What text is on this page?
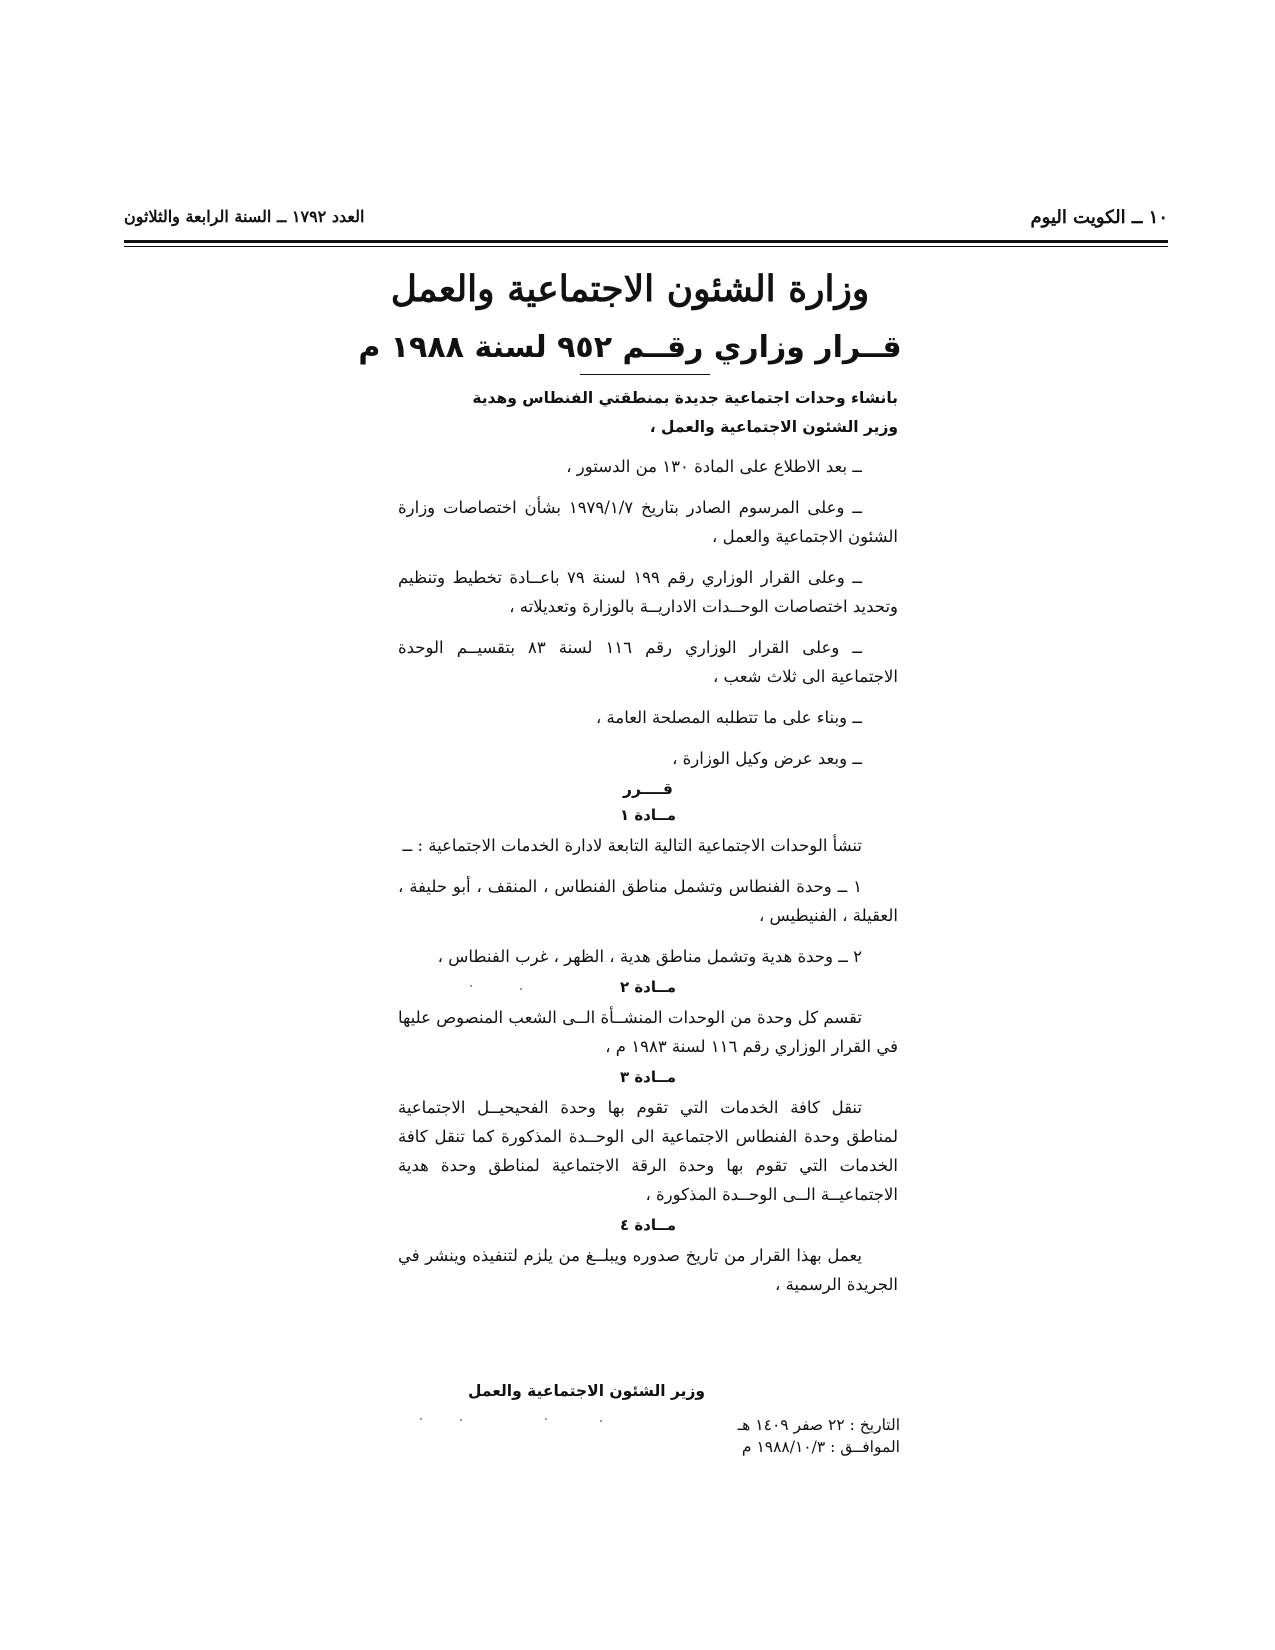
١٠ ــ الكويت اليوم
العدد ١٧٩٢ ــ السنة الرابعة والثلاثون
وزارة الشئون الاجتماعية والعمل
قــرار وزاري رقــم ٩٥٢ لسنة ١٩٨٨ م

بانشاء وحدات اجتماعية جديدة بمنطقتي الفنطاس وهدية
وزير الشئون الاجتماعية والعمل ،

ــ بعد الاطلاع على المادة ١٣٠ من الدستور ،

ــ وعلى المرسوم الصادر بتاريخ ١٩٧٩/١/٧ بشأن اختصاصات وزارة الشئون الاجتماعية والعمل ،

ــ وعلى القرار الوزاري رقم ١٩٩ لسنة ٧٩ باعــادة تخطيط وتنظيم وتحديد اختصاصات الوحــدات الاداريــة بالوزارة وتعديلاته ،

ــ وعلى القرار الوزاري رقم ١١٦ لسنة ٨٣ بتقسيــم الوحدة الاجتماعية الى ثلاث شعب ،

ــ وبناء على ما تتطلبه المصلحة العامة ،

ــ وبعد عرض وكيل الوزارة ،

قــــرر

مــادة ١

تنشأ الوحدات الاجتماعية التالية التابعة لادارة الخدمات الاجتماعية : ــ

١ ــ وحدة الفنطاس وتشمل مناطق الفنطاس ، المنقف ، أبو حليفة ، العقيلة ، الفنيطيس ،

٢ ــ وحدة هدية وتشمل مناطق هدية ، الظهر ، غرب الفنطاس ،

مــادة ٢

تقسم كل وحدة من الوحدات المنشــأة الــى الشعب المنصوص عليها في القرار الوزاري رقم ١١٦ لسنة ١٩٨٣ م ،

مــادة ٣

تنقل كافة الخدمات التي تقوم بها وحدة الفحيحيــل الاجتماعية لمناطق وحدة الفنطاس الاجتماعية الى الوحــدة المذكورة كما تنقل كافة الخدمات التي تقوم بها وحدة الرقة الاجتماعية لمناطق وحدة هدية الاجتماعيــة الــى الوحــدة المذكورة ،

مــادة ٤

يعمل بهذا القرار من تاريخ صدوره ويبلــغ من يلزم لتنفيذه وينشر في الجريدة الرسمية ،

وزير الشئون الاجتماعية والعمل
التاريخ : ٢٢ صفر ١٤٠٩ هـ
الموافــق : ١٩٨٨/١٠/٣ م
